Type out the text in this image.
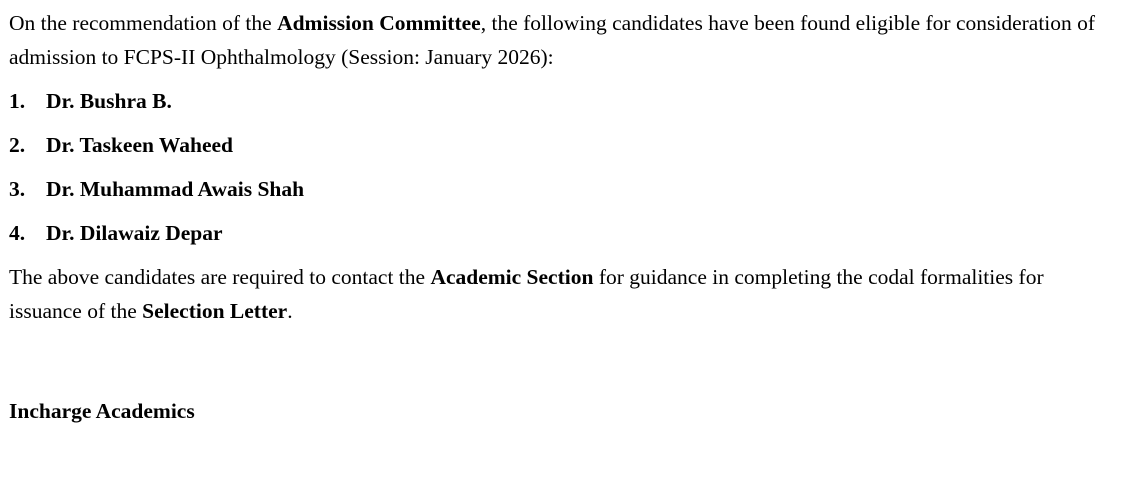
On the recommendation of the Admission Committee, the following candidates have been found eligible for consideration of admission to FCPS-II Ophthalmology (Session: January 2026):

1. Dr. Bushra B.
2. Dr. Taskeen Waheed
3. Dr. Muhammad Awais Shah
4. Dr. Dilawaiz Depar

The above candidates are required to contact the Academic Section for guidance in completing the codal formalities for issuance of the Selection Letter.

Incharge Academics
